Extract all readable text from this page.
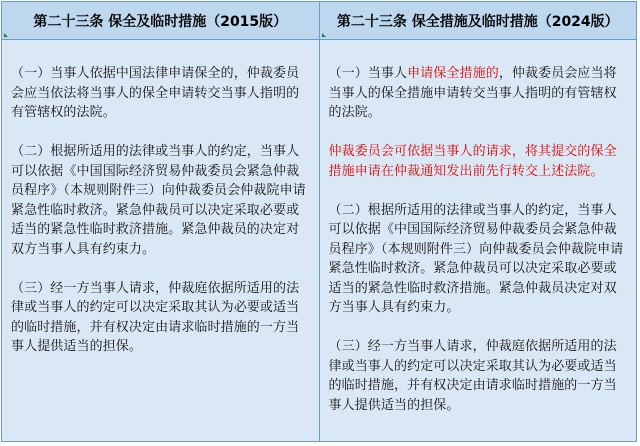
第二十三条 保全及临时措施（2015版）	第二十三条 保全措施及临时措施（2024版）

（一）当事人依据中国法律申请保全的，仲裁委员会应当依法将当事人的保全申请转交当事人指明的有管辖权的法院。

（二）根据所适用的法律或当事人的约定，当事人可以依据《中国国际经济贸易仲裁委员会紧急仲裁员程序》（本规则附件三）向仲裁委员会仲裁院申请紧急性临时救济。紧急仲裁员可以决定采取必要或适当的紧急性临时救济措施。紧急仲裁员的决定对双方当事人具有约束力。

（三）经一方当事人请求，仲裁庭依据所适用的法律或当事人的约定可以决定采取其认为必要或适当的临时措施，并有权决定由请求临时措施的一方当事人提供适当的担保。

（一）当事人申请保全措施的，仲裁委员会应当将当事人的保全措施申请转交当事人指明的有管辖权的法院。

仲裁委员会可依据当事人的请求，将其提交的保全措施申请在仲裁通知发出前先行转交上述法院。

（二）根据所适用的法律或当事人的约定，当事人可以依据《中国国际经济贸易仲裁委员会紧急仲裁员程序》（本规则附件三）向仲裁委员会仲裁院申请紧急性临时救济。紧急仲裁员可以决定采取必要或适当的紧急性临时救济措施。紧急仲裁员决定对双方当事人具有约束力。

（三）经一方当事人请求，仲裁庭依据所适用的法律或当事人的约定可以决定采取其认为必要或适当的临时措施，并有权决定由请求临时措施的一方当事人提供适当的担保。
